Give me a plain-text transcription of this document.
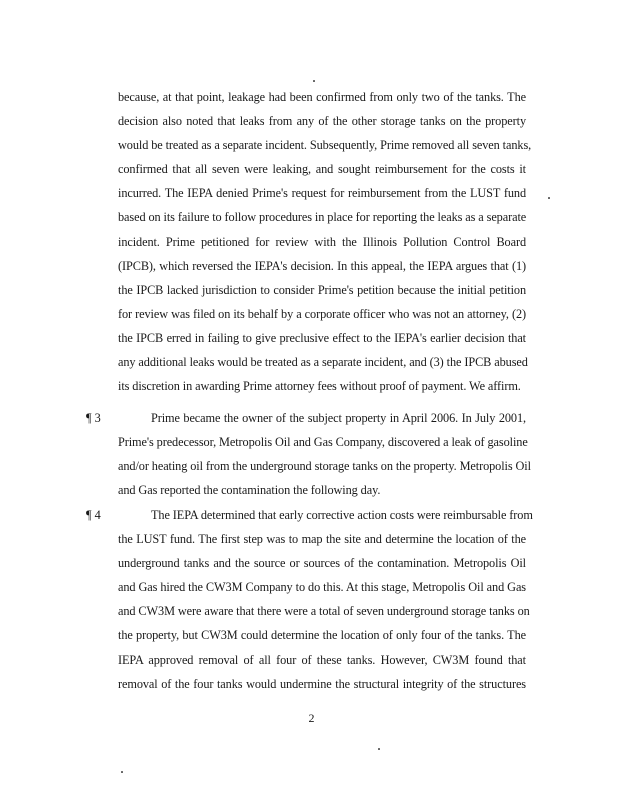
because, at that point, leakage had been confirmed from only two of the tanks. The
decision also noted that leaks from any of the other storage tanks on the property
would be treated as a separate incident. Subsequently, Prime removed all seven tanks,
confirmed that all seven were leaking, and sought reimbursement for the costs it
incurred. The IEPA denied Prime's request for reimbursement from the LUST fund
based on its failure to follow procedures in place for reporting the leaks as a separate
incident. Prime petitioned for review with the Illinois Pollution Control Board
(IPCB), which reversed the IEPA's decision. In this appeal, the IEPA argues that (1)
the IPCB lacked jurisdiction to consider Prime's petition because the initial petition
for review was filed on its behalf by a corporate officer who was not an attorney, (2)
the IPCB erred in failing to give preclusive effect to the IEPA's earlier decision that
any additional leaks would be treated as a separate incident, and (3) the IPCB abused
its discretion in awarding Prime attorney fees without proof of payment. We affirm.
¶ 3	Prime became the owner of the subject property in April 2006. In July 2001,
Prime's predecessor, Metropolis Oil and Gas Company, discovered a leak of gasoline
and/or heating oil from the underground storage tanks on the property. Metropolis Oil
and Gas reported the contamination the following day.
¶ 4	The IEPA determined that early corrective action costs were reimbursable from
the LUST fund. The first step was to map the site and determine the location of the
underground tanks and the source or sources of the contamination. Metropolis Oil
and Gas hired the CW3M Company to do this. At this stage, Metropolis Oil and Gas
and CW3M were aware that there were a total of seven underground storage tanks on
the property, but CW3M could determine the location of only four of the tanks. The
IEPA approved removal of all four of these tanks. However, CW3M found that
removal of the four tanks would undermine the structural integrity of the structures
2
